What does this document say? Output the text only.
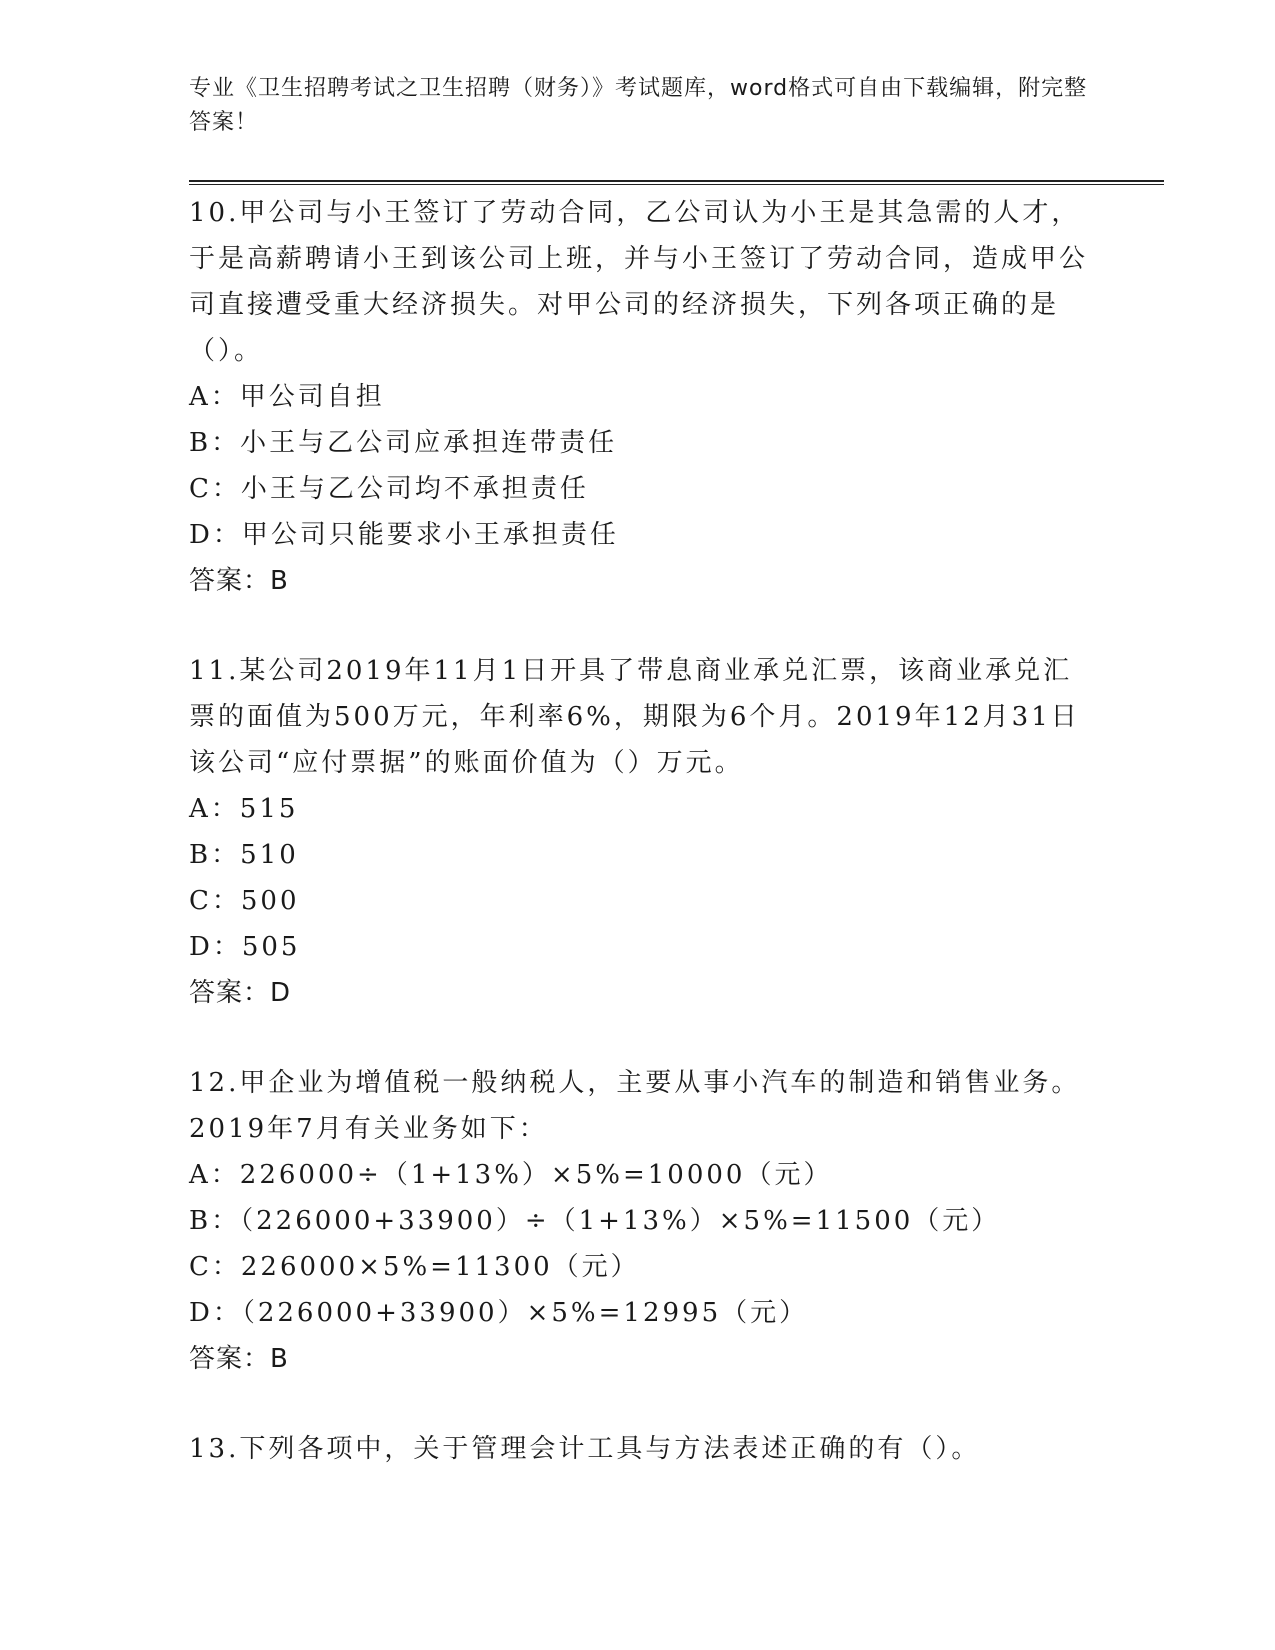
专业《卫生招聘考试之卫生招聘（财务）》考试题库，word格式可自由下载编辑，附完整答案！

10.甲公司与小王签订了劳动合同，乙公司认为小王是其急需的人才，于是高薪聘请小王到该公司上班，并与小王签订了劳动合同，造成甲公司直接遭受重大经济损失。对甲公司的经济损失，下列各项正确的是（）。

A：甲公司自担
B：小王与乙公司应承担连带责任
C：小王与乙公司均不承担责任
D：甲公司只能要求小王承担责任

答案：B

11.某公司2019年11月1日开具了带息商业承兑汇票，该商业承兑汇票的面值为500万元，年利率6%，期限为6个月。2019年12月31日该公司“应付票据”的账面价值为（）万元。

A：515
B：510
C：500
D：505

答案：D

12.甲企业为增值税一般纳税人，主要从事小汽车的制造和销售业务。2019年7月有关业务如下：

A：226000÷（1+13%）×5%=10000（元）
B：（226000+33900）÷（1+13%）×5%=11500（元）
C：226000×5%=11300（元）
D：（226000+33900）×5%=12995（元）

答案：B

13.下列各项中，关于管理会计工具与方法表述正确的有（）。
